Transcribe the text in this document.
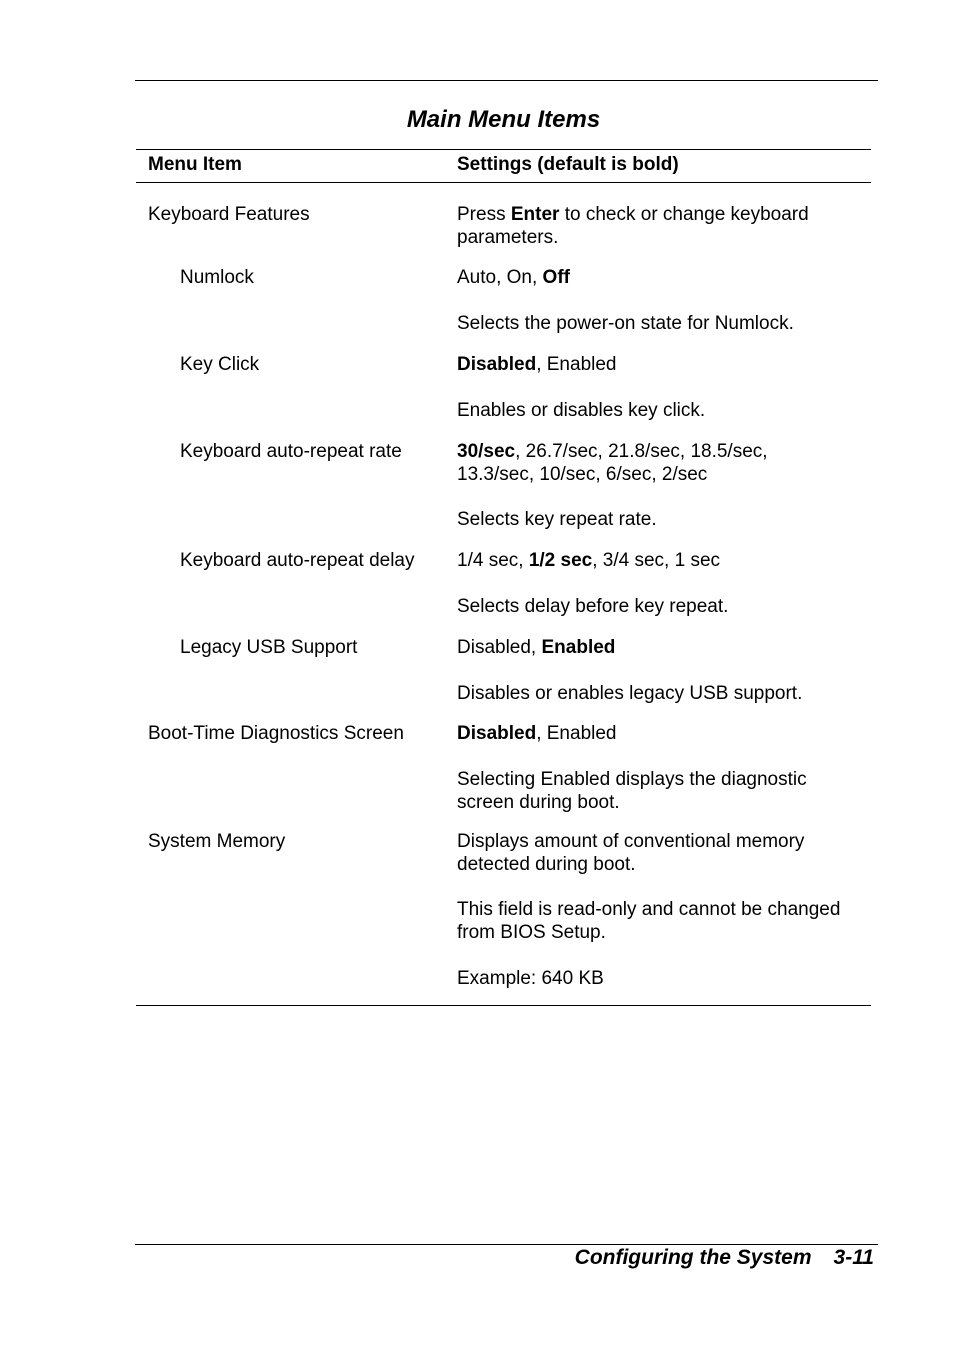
Main Menu Items
Menu Item	Settings (default is bold)
Keyboard Features	Press Enter to check or change keyboard
parameters.
Numlock	Auto, On, Off
Selects the power-on state for Numlock.
Key Click	Disabled, Enabled
Enables or disables key click.
Keyboard auto-repeat rate	30/sec, 26.7/sec, 21.8/sec, 18.5/sec,
13.3/sec, 10/sec, 6/sec, 2/sec
Selects key repeat rate.
Keyboard auto-repeat delay 1/4 sec, 1/2 sec, 3/4 sec, 1 sec
Selects delay before key repeat.
Legacy USB Support	Disabled, Enabled
Disables or enables legacy USB support.
Boot-Time Diagnostics Screen	Disabled, Enabled
Selecting Enabled displays the diagnostic
screen during boot.
System Memory	Displays amount of conventional memory
detected during boot.
This field is read-only and cannot be changed
from BIOS Setup.
Example: 640 KB
Configuring the System 3-11
